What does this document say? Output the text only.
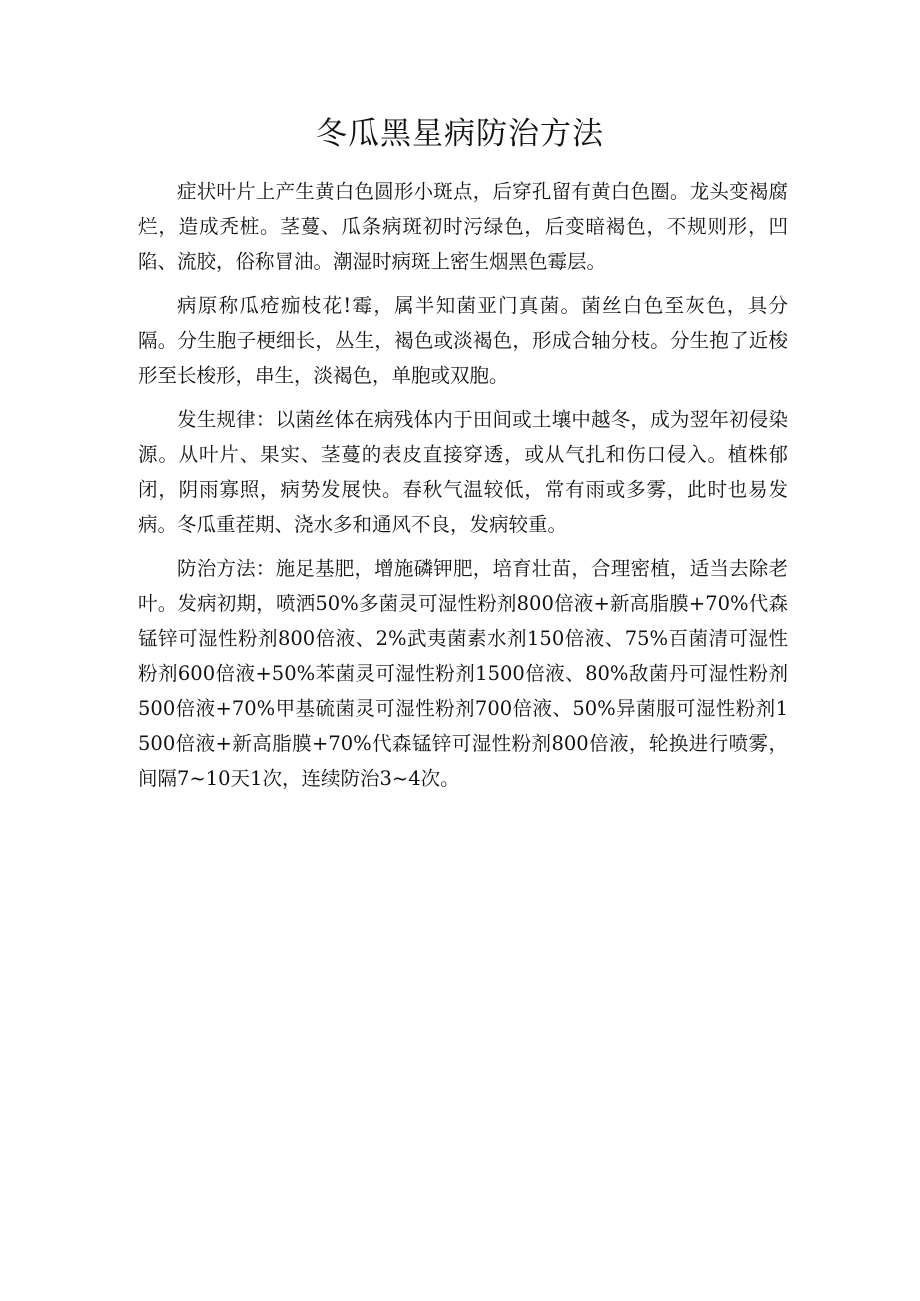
冬瓜黑星病防治方法

症状叶片上产生黄白色圆形小斑点，后穿孔留有黄白色圈。龙头变褐腐烂，造成秃桩。茎蔓、瓜条病斑初时污绿色，后变暗褐色，不规则形，凹陷、流胶，俗称冒油。潮湿时病斑上密生烟黑色霉层。

病原称瓜疮痂枝花!霉，属半知菌亚门真菌。菌丝白色至灰色，具分隔。分生胞子梗细长，丛生，褐色或淡褐色，形成合轴分枝。分生抱了近梭形至长梭形，串生，淡褐色，单胞或双胞。

发生规律：以菌丝体在病残体内于田间或土壤中越冬，成为翌年初侵染源。从叶片、果实、茎蔓的表皮直接穿透，或从气扎和伤口侵入。植株郁闭，阴雨寡照，病势发展快。春秋气温较低，常有雨或多雾，此时也易发病。冬瓜重茬期、浇水多和通风不良，发病较重。

防治方法：施足基肥，增施磷钾肥，培育壮苗，合理密植，适当去除老叶。发病初期，喷洒50%多菌灵可湿性粉剂800倍液+新高脂膜+70%代森锰锌可湿性粉剂800倍液、2%武夷菌素水剂150倍液、75%百菌清可湿性粉剂600倍液+50%苯菌灵可湿性粉剂1500倍液、80%敌菌丹可湿性粉剂500倍液+70%甲基硫菌灵可湿性粉剂700倍液、50%异菌服可湿性粉剂1500倍液+新高脂膜+70%代森锰锌可湿性粉剂800倍液，轮换进行喷雾，间隔7~10天1次，连续防治3~4次。
